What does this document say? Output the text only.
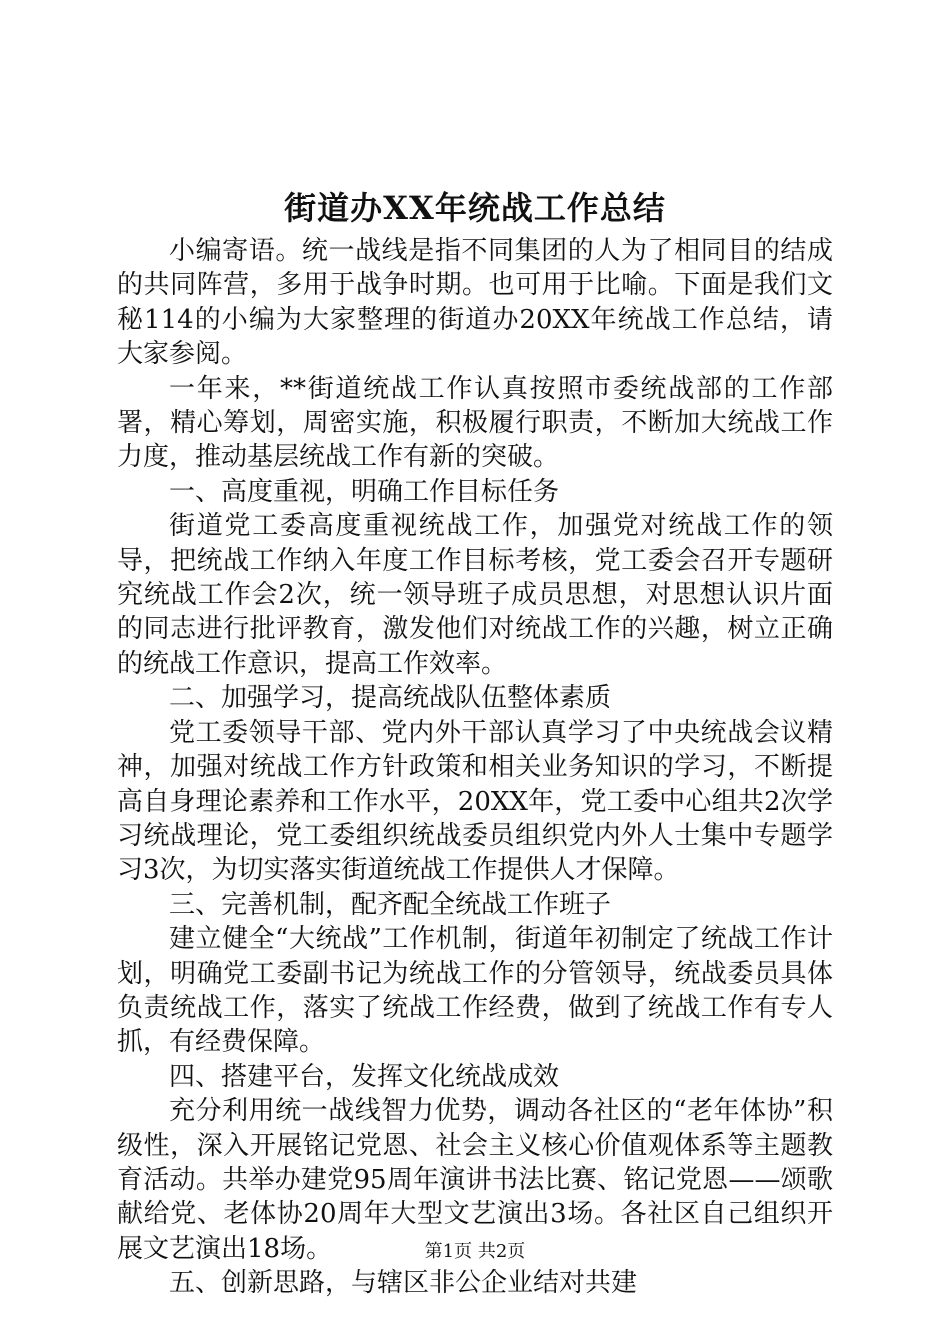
街道办XX年统战工作总结

小编寄语。统一战线是指不同集团的人为了相同目的结成的共同阵营，多用于战争时期。也可用于比喻。下面是我们文秘114的小编为大家整理的街道办20XX年统战工作总结，请大家参阅。

一年来，**街道统战工作认真按照市委统战部的工作部署，精心筹划，周密实施，积极履行职责，不断加大统战工作力度，推动基层统战工作有新的突破。

一、高度重视，明确工作目标任务

街道党工委高度重视统战工作，加强党对统战工作的领导，把统战工作纳入年度工作目标考核，党工委会召开专题研究统战工作会2次，统一领导班子成员思想，对思想认识片面的同志进行批评教育，激发他们对统战工作的兴趣，树立正确的统战工作意识，提高工作效率。

二、加强学习，提高统战队伍整体素质

党工委领导干部、党内外干部认真学习了中央统战会议精神，加强对统战工作方针政策和相关业务知识的学习，不断提高自身理论素养和工作水平，20XX年，党工委中心组共2次学习统战理论，党工委组织统战委员组织党内外人士集中专题学习3次，为切实落实街道统战工作提供人才保障。

三、完善机制，配齐配全统战工作班子

建立健全“大统战”工作机制，街道年初制定了统战工作计划，明确党工委副书记为统战工作的分管领导，统战委员具体负责统战工作，落实了统战工作经费，做到了统战工作有专人抓，有经费保障。

四、搭建平台，发挥文化统战成效

充分利用统一战线智力优势，调动各社区的“老年体协”积级性，深入开展铭记党恩、社会主义核心价值观体系等主题教育活动。共举办建党95周年演讲书法比赛、铭记党恩——颂歌献给党、老体协20周年大型文艺演出3场。各社区自己组织开展文艺演出18场。

五、创新思路，与辖区非公企业结对共建

第1页 共2页
